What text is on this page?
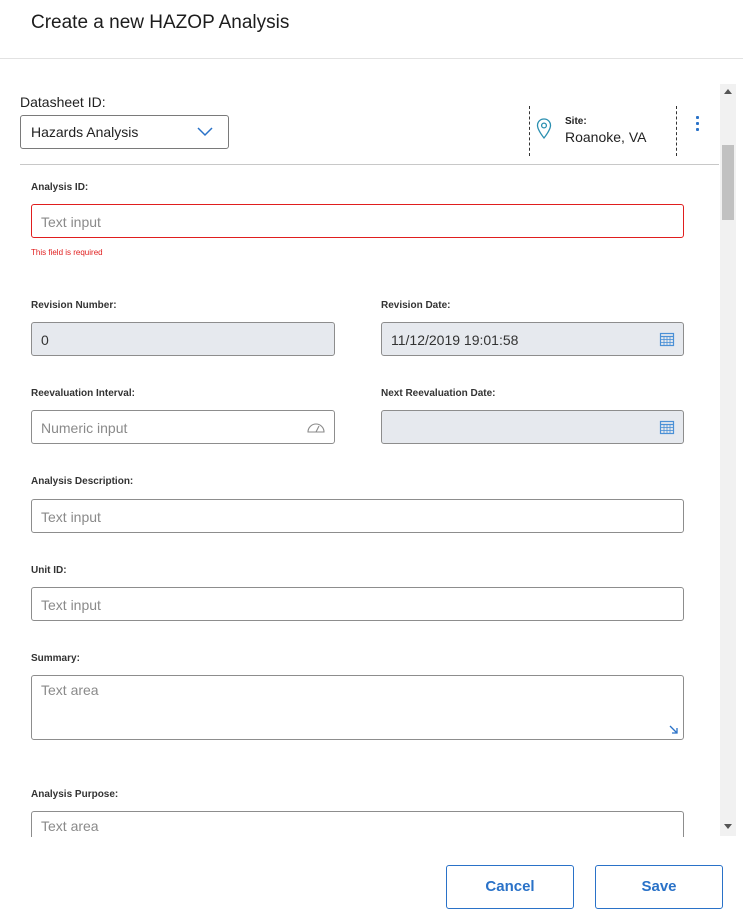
Create a new HAZOP Analysis
Datasheet ID:
Hazards Analysis
Site:
Roanoke, VA
Analysis ID:
Text input
This field is required
Revision Number:
0
Revision Date:
11/12/2019 19:01:58
Reevaluation Interval:
Numeric input
Next Reevaluation Date:
Analysis Description:
Text input
Unit ID:
Text input
Summary:
Text area
Analysis Purpose:
Text area
Cancel	Save
